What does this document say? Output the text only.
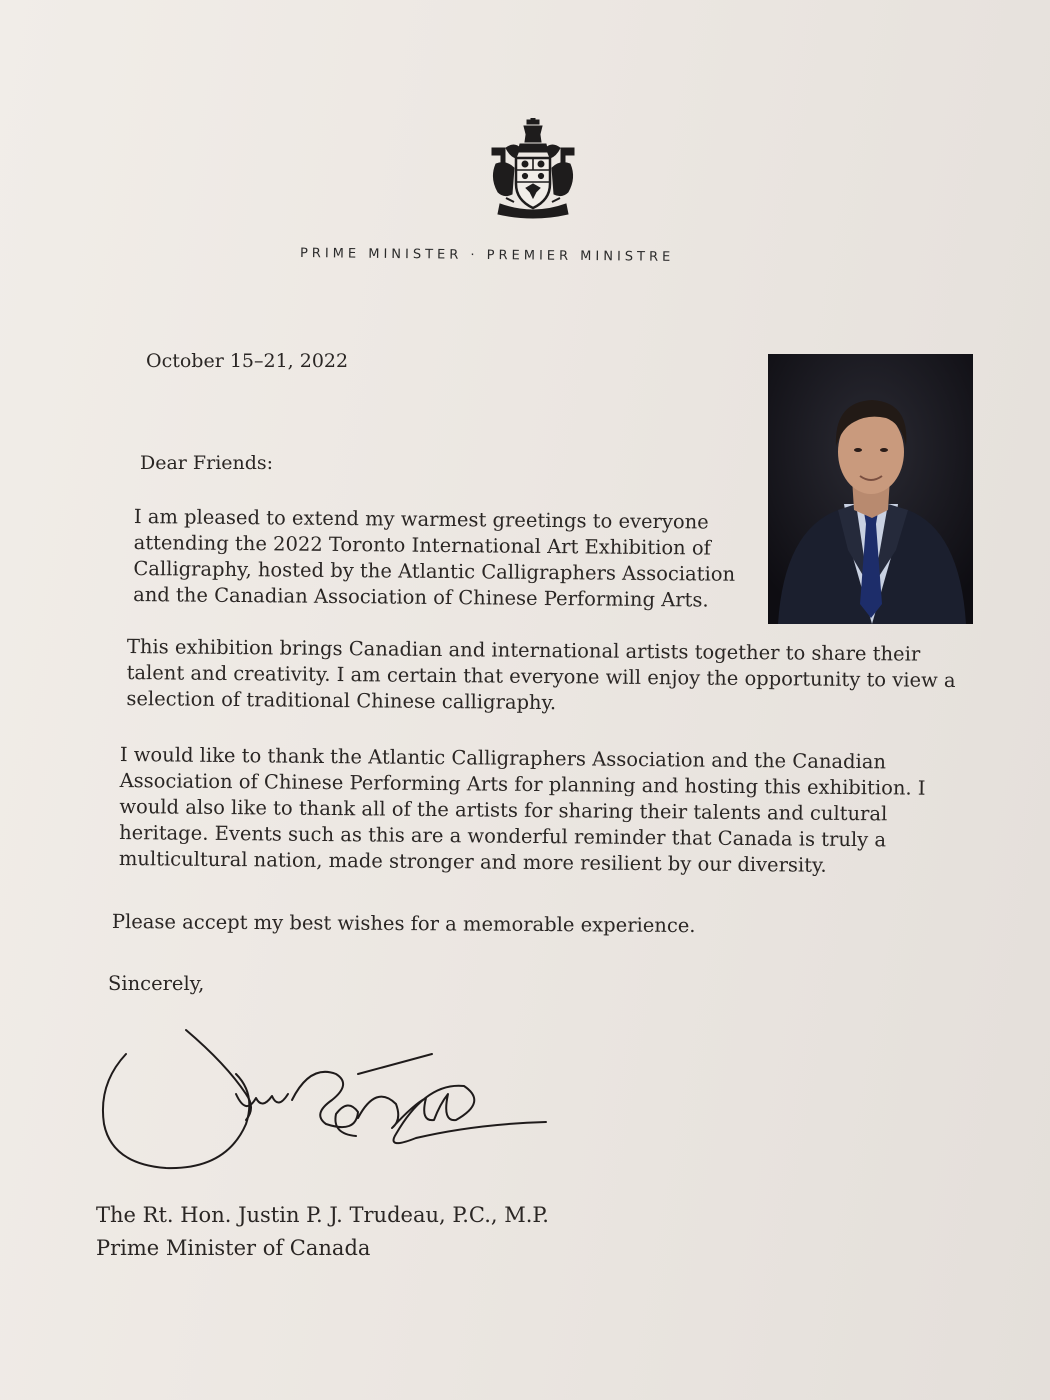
PRIME MINISTER · PREMIER MINISTRE
October 15–21, 2022
Dear Friends:

I am pleased to extend my warmest greetings to everyone attending the 2022 Toronto International Art Exhibition of Calligraphy, hosted by the Atlantic Calligraphers Association and the Canadian Association of Chinese Performing Arts.

This exhibition brings Canadian and international artists together to share their talent and creativity. I am certain that everyone will enjoy the opportunity to view a selection of traditional Chinese calligraphy.

I would like to thank the Atlantic Calligraphers Association and the Canadian Association of Chinese Performing Arts for planning and hosting this exhibition. I would also like to thank all of the artists for sharing their talents and cultural heritage. Events such as this are a wonderful reminder that Canada is truly a multicultural nation, made stronger and more resilient by our diversity.

Please accept my best wishes for a memorable experience.
Sincerely,
The Rt. Hon. Justin P. J. Trudeau, P.C., M.P.
Prime Minister of Canada
